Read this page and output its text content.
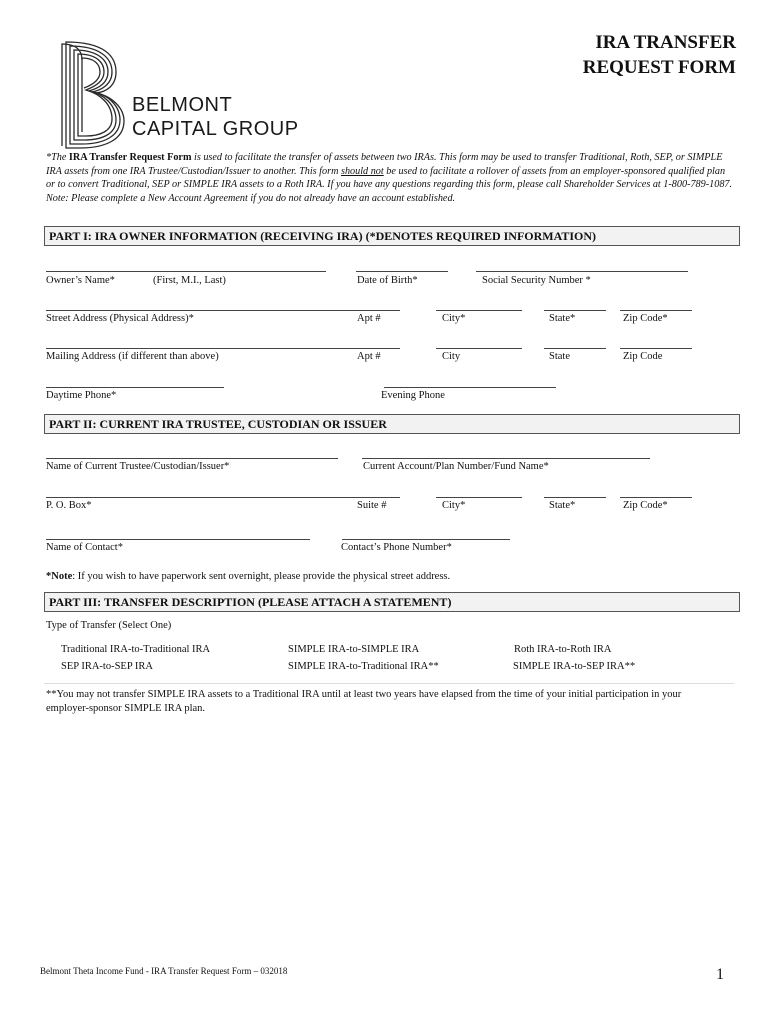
BELMONT
CAPITAL GROUP
IRA TRANSFER
REQUEST FORM
*The IRA Transfer Request Form is used to facilitate the transfer of assets between two IRAs. This form may be used to transfer Traditional, Roth, SEP, or SIMPLE IRA assets from one IRA Trustee/Custodian/Issuer to another. This form should not be used to facilitate a rollover of assets from an employer-sponsored qualified plan or to convert Traditional, SEP or SIMPLE IRA assets to a Roth IRA. If you have any questions regarding this form, please call Shareholder Services at 1-800-789-1087. Note: Please complete a New Account Agreement if you do not already have an account established.
PART I: IRA OWNER INFORMATION (RECEIVING IRA) (*DENOTES REQUIRED INFORMATION)
Owner’s Name*	(First, M.I., Last)	Date of Birth*	Social Security Number *
Street Address (Physical Address)*	Apt #	City*	State*	Zip Code*
Mailing Address (if different than above)	Apt #	City	State	Zip Code
Daytime Phone*	Evening Phone
PART II: CURRENT IRA TRUSTEE, CUSTODIAN OR ISSUER
Name of Current Trustee/Custodian/Issuer*	Current Account/Plan Number/Fund Name*
P. O. Box*	Suite #	City*	State*	Zip Code*
Name of Contact*	Contact’s Phone Number*
*Note: If you wish to have paperwork sent overnight, please provide the physical street address.
PART III: TRANSFER DESCRIPTION (PLEASE ATTACH A STATEMENT)
Type of Transfer (Select One)
Traditional IRA-to-Traditional IRA	SIMPLE IRA-to-SIMPLE IRA	Roth IRA-to-Roth IRA
SEP IRA-to-SEP IRA	SIMPLE IRA-to-Traditional IRA**	SIMPLE IRA-to-SEP IRA**
**You may not transfer SIMPLE IRA assets to a Traditional IRA until at least two years have elapsed from the time of your initial participation in your employer-sponsor SIMPLE IRA plan.
Belmont Theta Income Fund - IRA Transfer Request Form – 032018	1
